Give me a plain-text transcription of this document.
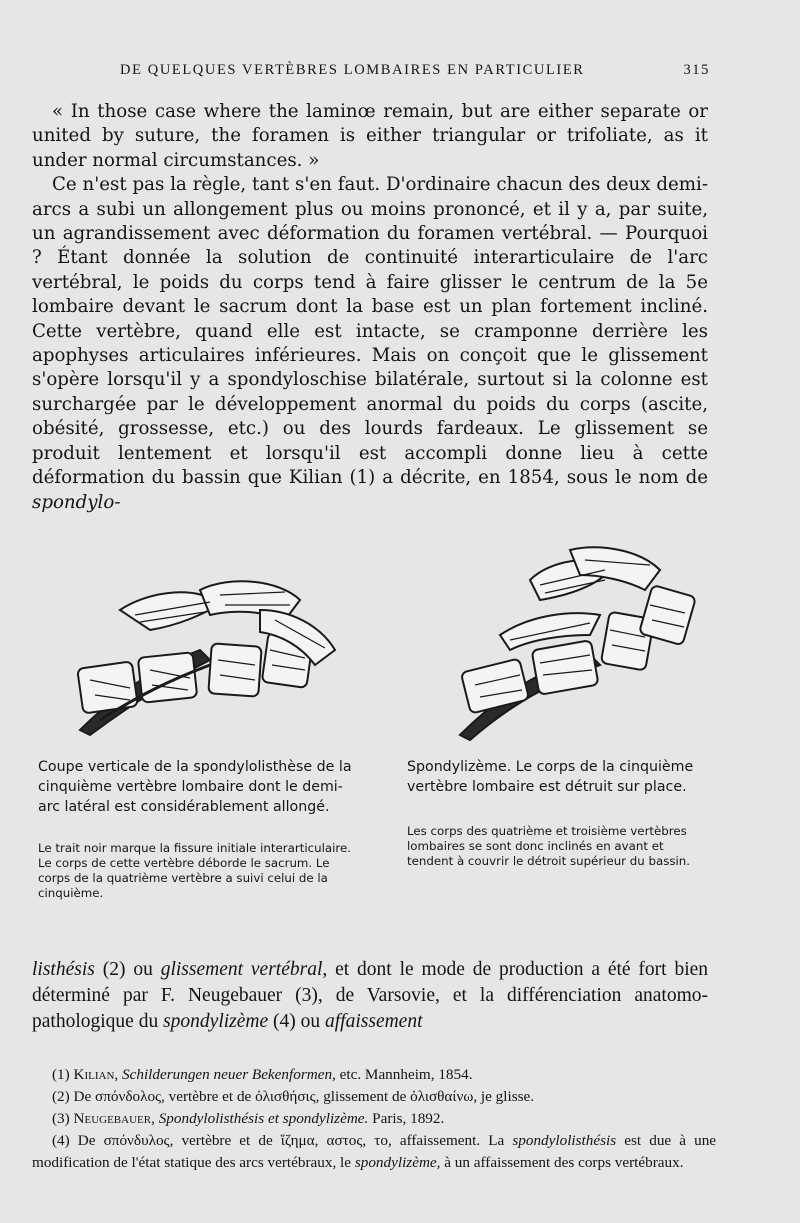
DE QUELQUES VERTÈBRES LOMBAIRES EN PARTICULIER	315

« In those case where the laminœ remain, but are either separate or united by suture, the foramen is either triangular or trifoliate, as it under normal circumstances. »

Ce n'est pas la règle, tant s'en faut. D'ordinaire chacun des deux demi-arcs a subi un allongement plus ou moins prononcé, et il y a, par suite, un agrandissement avec déformation du foramen vertébral. — Pourquoi ? Étant donnée la solution de continuité interarticulaire de l'arc vertébral, le poids du corps tend à faire glisser le centrum de la 5e lombaire devant le sacrum dont la base est un plan fortement incliné. Cette vertèbre, quand elle est intacte, se cramponne derrière les apophyses articulaires inférieures. Mais on conçoit que le glissement s'opère lorsqu'il y a spondyloschise bilatérale, surtout si la colonne est surchargée par le développement anormal du poids du corps (ascite, obésité, grossesse, etc.) ou des lourds fardeaux. Le glissement se produit lentement et lorsqu'il est accompli donne lieu à cette déformation du bassin que Kilian (1) a décrite, en 1854, sous le nom de spondylo-

Coupe verticale de la spondylolisthèse de la cinquième vertèbre lombaire dont le demi-arc latéral est considérablement allongé.
Le trait noir marque la fissure initiale interarticulaire. Le corps de cette vertèbre déborde le sacrum. Le corps de la quatrième vertèbre a suivi celui de la cinquième.
Spondylizème. Le corps de la cinquième vertèbre lombaire est détruit sur place.
Les corps des quatrième et troisième vertèbres lombaires se sont donc inclinés en avant et tendent à couvrir le détroit supérieur du bassin.

listhésis (2) ou glissement vertébral, et dont le mode de production a été fort bien déterminé par F. Neugebauer (3), de Varsovie, et la différenciation anatomo-pathologique du spondylizème (4) ou affaissement

(1) Kilian, Schilderungen neuer Bekenformen, etc. Mannheim, 1854.

(2) De σπόνδολος, vertèbre et de ὀλισθήσις, glissement de ὀλισθαίνω, je glisse.

(3) Neugebauer, Spondylolisthésis et spondylizème. Paris, 1892.

(4) De σπόνδυλος, vertèbre et de ἵζημα, αστος, το, affaissement. La spondylolisthésis est due à une modification de l'état statique des arcs vertébraux, le spondylizème, à un affaissement des corps vertébraux.
